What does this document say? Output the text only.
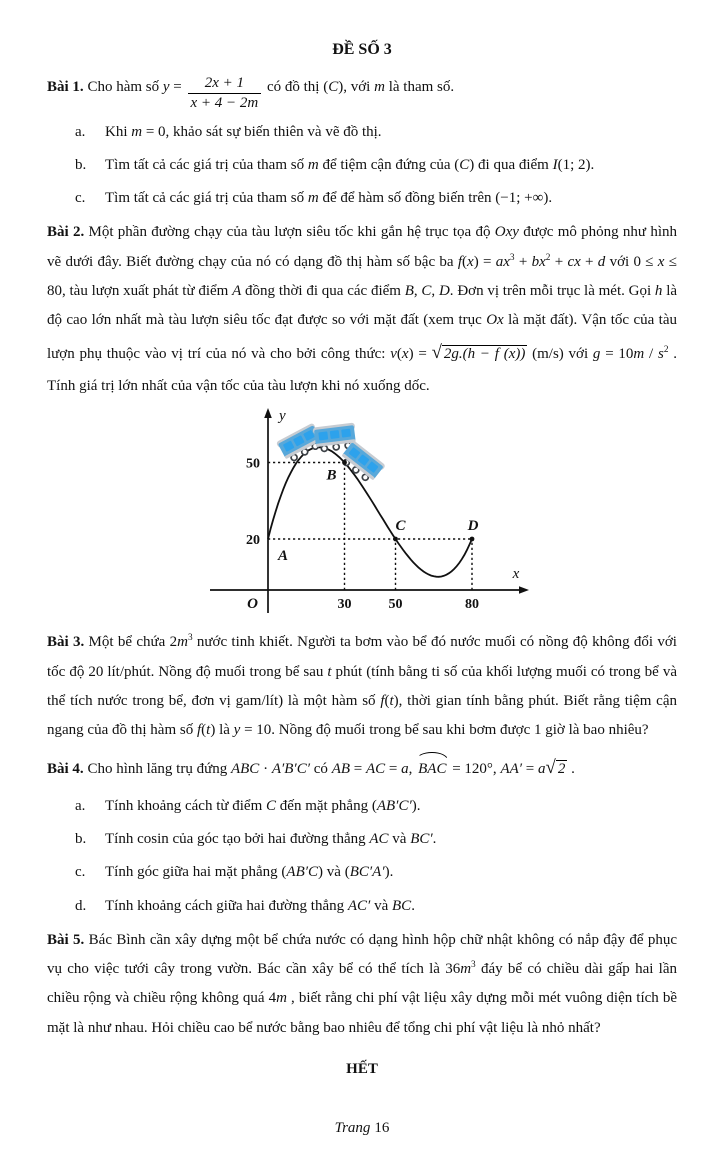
ĐỀ SỐ 3
Bài 1. Cho hàm số $y = \frac{2x + 1}{x + 4 - 2m}$ có đồ thị (C), với m là tham số.
a.	Khi m = 0, khảo sát sự biến thiên và vẽ đồ thị.
b.	Tìm tất cả các giá trị của tham số m để tiệm cận đứng của (C) đi qua điểm I(1; 2).
c.	Tìm tất cả các giá trị của tham số m để để hàm số đồng biến trên (−1; +∞).
Bài 2. Một phần đường chạy của tàu lượn siêu tốc khi gắn hệ trục tọa độ Oxy được mô phỏng như hình vẽ dưới đây. Biết đường chạy của nó có dạng đồ thị hàm số bậc ba $f(x) = ax^3 + bx^2$ + cx + d với 0 ≤ x ≤ 80, tàu lượn xuất phát từ điểm A đồng thời đi qua các điểm B, C, D. Đơn vị trên mỗi trục là mét. Gọi h là độ cao lớn nhất mà tàu lượn siêu tốc đạt được so với mặt đất (xem trục Ox là mặt đất). Vận tốc của tàu lượn phụ thuộc vào vị trí của nó và cho bởi công thức: v(x) = √ 2g.(h − f (x)) (m/s) với $g = 10m / s^2$ . Tính giá trị lớn nhất của vận tốc của tàu lượn khi nó xuống dốc.
30	50	80
50
20
O
x
y
A
B
C	D
Bài 3. Một bể chứa $2m^3$ nước tinh khiết. Người ta bơm vào bể đó nước muối có nồng độ không đổi với tốc độ 20 lít/phút. Nồng độ muối trong bể sau t phút (tính bằng ti số của khối lượng muối có trong bể và thể tích nước trong bể, đơn vị gam/lít) là một hàm số f(t), thời gian tính bằng phút. Biết rằng tiệm cận ngang của đồ thị hàm số f(t) là y = 10. Nồng độ muối trong bể sau khi bơm được 1 giờ là bao nhiêu?
Bài 4. Cho hình lăng trụ đứng ABC · A′B′C′ có AB = AC = a, BAC = 120°, AA′ = a √ 2 .
a.	Tính khoảng cách từ điểm C đến mặt phẳng (AB′C′).
b.	Tính cosin của góc tạo bởi hai đường thẳng AC và BC′.
c.	Tính góc giữa hai mặt phẳng (AB′C) và (BC′A′).
d.	Tính khoảng cách giữa hai đường thẳng AC′ và BC.
Bài 5. Bác Bình cần xây dựng một bể chứa nước có dạng hình hộp chữ nhật không có nắp đậy để phục vụ cho việc tưới cây trong vườn. Bác cần xây bể có thể tích là $36m^3$ đáy bể có chiều dài gấp hai lần chiều rộng và chiều rộng không quá 4m , biết rằng chi phí vật liệu xây dựng mỗi mét vuông diện tích bề mặt là như nhau. Hỏi chiều cao bể nước bằng bao nhiêu để tổng chi phí vật liệu là nhỏ nhất?
HẾT
Trang 16
